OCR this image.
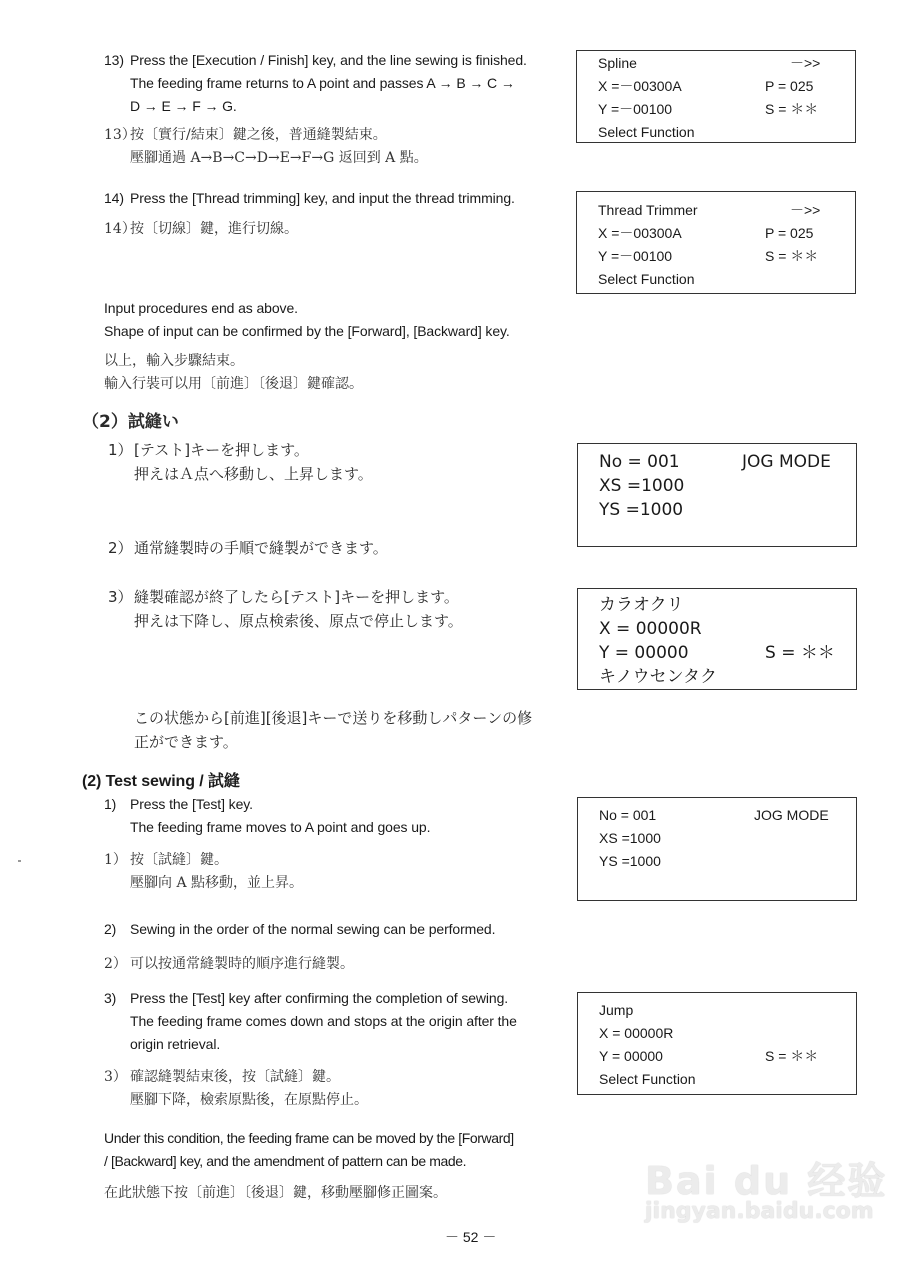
13) Press the [Execution / Finish] key, and the line sewing is finished.
The feeding frame returns to A point and passes A → B → C →
D → E → F → G.
13）按〔實行/結束〕鍵之後，普通縫製結束。
壓腳通過 A→B→C→D→E→F→G 返回到 A 點。
14) Press the [Thread trimming] key, and input the thread trimming.
14）按〔切線〕鍵，進行切線。
Input procedures end as above.
Shape of input can be confirmed by the [Forward], [Backward] key.
以上，輸入步驟結束。
輸入行裝可以用〔前進〕〔後退〕鍵確認。
（2）試縫い
1）[テスト]キーを押します。
押えはＡ点へ移動し、上昇します。
2）通常縫製時の手順で縫製ができます。
3）縫製確認が終了したら[テスト]キーを押します。
押えは下降し、原点検索後、原点で停止します。
この状態から[前進][後退]キーで送りを移動しパターンの修
正ができます。
(2) Test sewing / 試縫
1) Press the [Test] key.
The feeding frame moves to A point and goes up.
1） 按〔試縫〕鍵。
壓腳向 A 點移動，並上昇。
2) Sewing in the order of the normal sewing can be performed.
2） 可以按通常縫製時的順序進行縫製。
3) Press the [Test] key after confirming the completion of sewing.
The feeding frame comes down and stops at the origin after the
origin retrieval.
3） 確認縫製結束後，按〔試縫〕鍵。
壓腳下降，檢索原點後，在原點停止。
Under this condition, the feeding frame can be moved by the [Forward]
/ [Backward] key, and the amendment of pattern can be made.
在此狀態下按〔前進〕〔後退〕鍵，移動壓腳修正圖案。
Spline	－>>
X =－00300A	P = 025
Y =－00100	S = ＊＊
Select Function
Thread Trimmer	－>>
X =－00300A	P = 025
Y =－00100	S = ＊＊
Select Function
No = 001	JOG MODE
XS =1000
YS =1000
カラオクリ
X = 00000R
Y = 00000	S = ＊＊
キノウセンタク
No = 001	JOG MODE
XS =1000
YS =1000
Jump
X = 00000R
Y = 00000	S = ＊＊
Select Function
Bai du 经验
jingyan.baidu.com
－ 52 －
